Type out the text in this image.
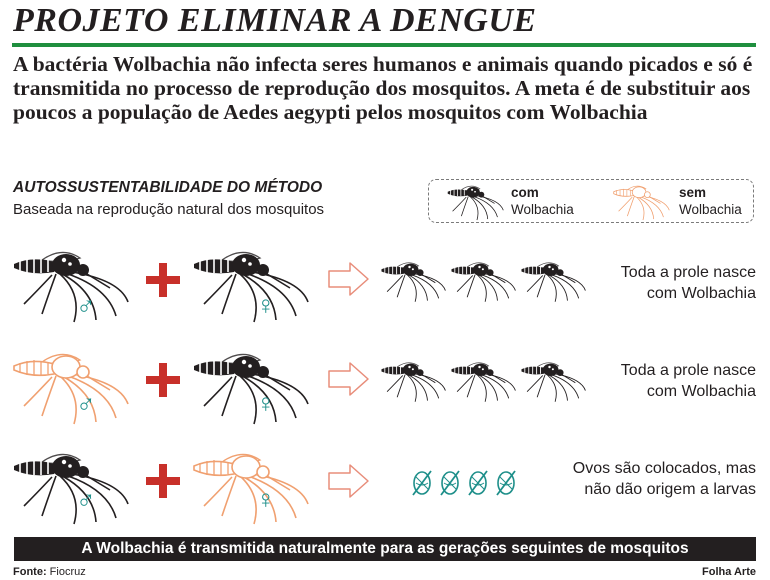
PROJETO ELIMINAR A DENGUE
A bactéria Wolbachia não infecta seres humanos e animais quando picados e só é transmitida no processo de reprodução dos mosquitos. A meta é de substituir aos poucos a população de Aedes aegypti pelos mosquitos com Wolbachia
AUTOSSUSTENTABILIDADE DO MÉTODO
Baseada na reprodução natural dos mosquitos
com
Wolbachia
sem
Wolbachia
♂	♀
Toda a prole nasce
com Wolbachia
♂	♀
Toda a prole nasce
com Wolbachia
♂	♀
Ovos são colocados, mas
não dão origem a larvas
A Wolbachia é transmitida naturalmente para as gerações seguintes de mosquitos
Fonte: Fiocruz	Folha Arte
